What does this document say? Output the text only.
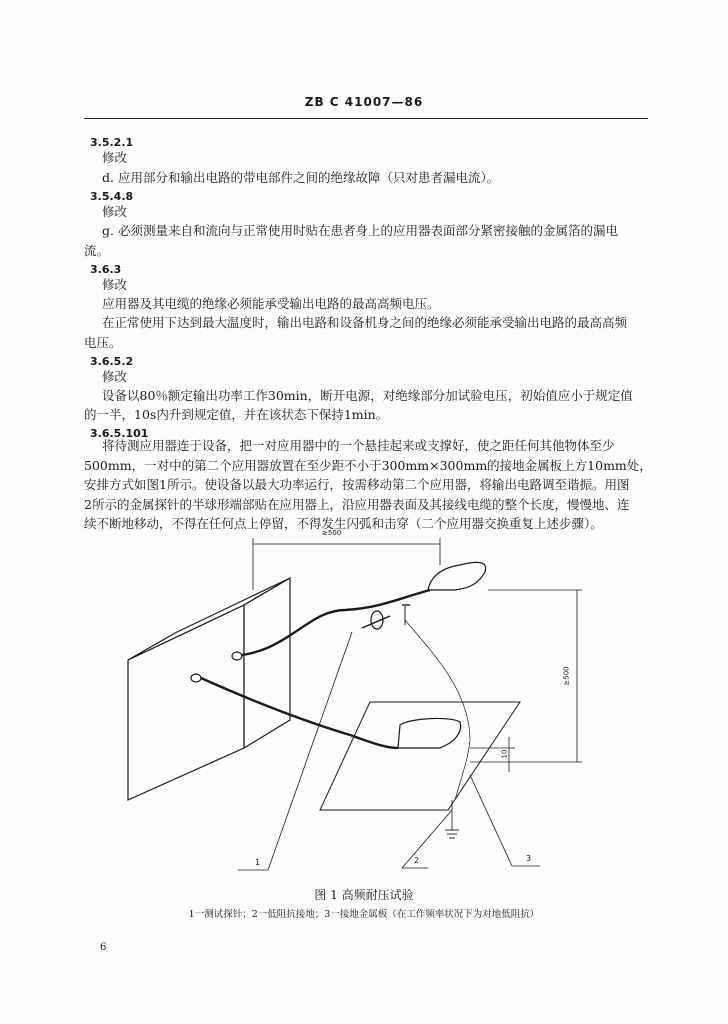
ZB C 41007—86
3.5.2.1
修改
d. 应用部分和输出电路的带电部件之间的绝缘故障（只对患者漏电流）。
3.5.4.8
修改
g. 必须测量来自和流向与正常使用时贴在患者身上的应用器表面部分紧密接触的金属箔的漏电
流。
3.6.3
修改
应用器及其电缆的绝缘必须能承受输出电路的最高高频电压。
在正常使用下达到最大温度时，输出电路和设备机身之间的绝缘必须能承受输出电路的最高高频
电压。
3.6.5.2
修改
设备以80％额定输出功率工作30min，断开电源，对绝缘部分加试验电压，初始值应小于规定值
的一半，10s内升到规定值，并在该状态下保持1min。
3.6.5.101
将待测应用器连于设备，把一对应用器中的一个悬挂起来或支撑好，使之距任何其他物体至少
500mm，一对中的第二个应用器放置在至少距不小于300mm×300mm的接地金属板上方10mm处，
安排方式如图1所示。使设备以最大功率运行，按需移动第二个应用器，将输出电路调至谐振。用图
2所示的金属探针的半球形端部贴在应用器上，沿应用器表面及其接线电缆的整个长度，慢慢地、连
续不断地移动，不得在任何点上停留，不得发生闪弧和击穿（二个应用器交换重复上述步骤）。
≥500
≥500
10
1	2	3
图 1 高频耐压试验
1一测试探针；2一低阻抗接地；3一接地金属板（在工作频率状况下为对地低阻抗）
6
